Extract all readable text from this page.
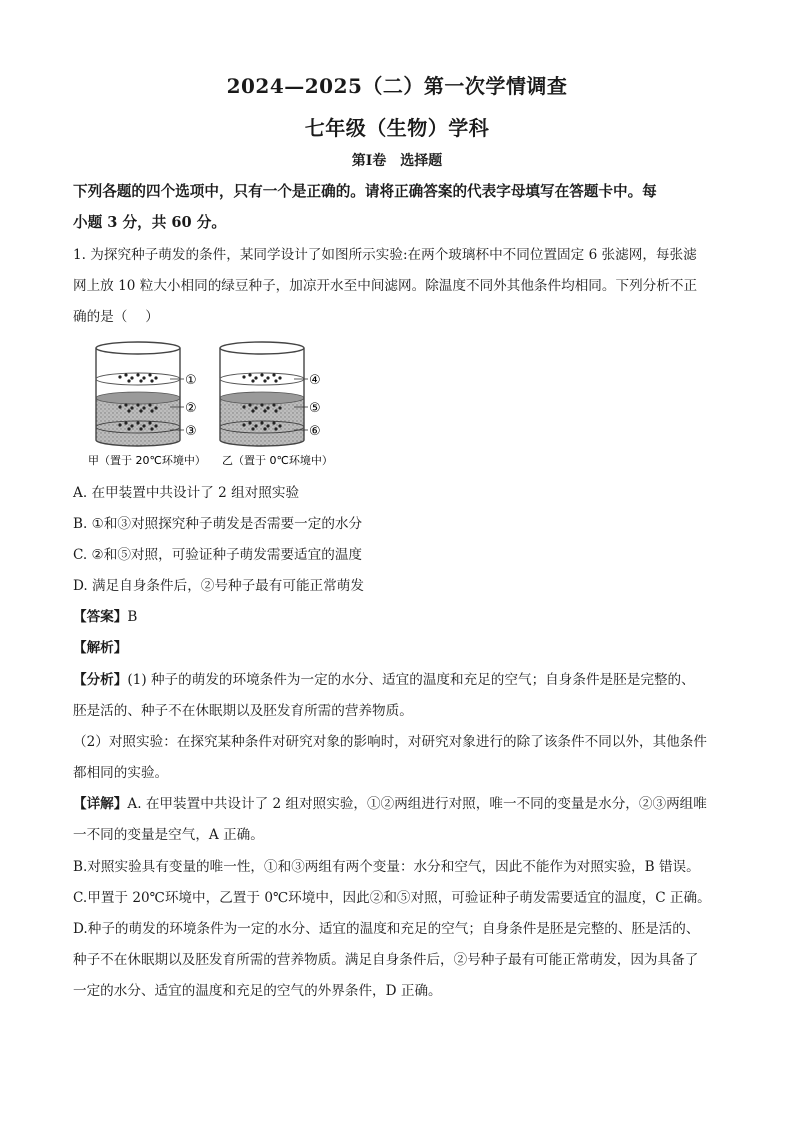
2024—2025（二）第一次学情调查
七年级（生物）学科
第Ⅰ卷　选择题
下列各题的四个选项中，只有一个是正确的。请将正确答案的代表字母填写在答题卡中。每
小题 3 分，共 60 分。
1. 为探究种子萌发的条件，某同学设计了如图所示实验:在两个玻璃杯中不同位置固定 6 张滤网，每张滤
网上放 10 粒大小相同的绿豆种子，加凉开水至中间滤网。除温度不同外其他条件均相同。下列分析不正
确的是（　 ）
①
②
③
④
⑤
⑥
甲（置于 20℃环境中） 乙（置于 0℃环境中）
A. 在甲装置中共设计了 2 组对照实验
B. ①和③对照探究种子萌发是否需要一定的水分
C. ②和⑤对照，可验证种子萌发需要适宜的温度
D. 满足自身条件后，②号种子最有可能正常萌发
【答案】B
【解析】
【分析】(1) 种子的萌发的环境条件为一定的水分、适宜的温度和充足的空气；自身条件是胚是完整的、
胚是活的、种子不在休眠期以及胚发育所需的营养物质。
（2）对照实验：在探究某种条件对研究对象的影响时，对研究对象进行的除了该条件不同以外，其他条件
都相同的实验。
【详解】A. 在甲装置中共设计了 2 组对照实验，①②两组进行对照，唯一不同的变量是水分，②③两组唯
一不同的变量是空气，A 正确。
B.对照实验具有变量的唯一性，①和③两组有两个变量：水分和空气，因此不能作为对照实验，B 错误。
C.甲置于 20℃环境中，乙置于 0℃环境中，因此②和⑤对照，可验证种子萌发需要适宜的温度，C 正确。
D.种子的萌发的环境条件为一定的水分、适宜的温度和充足的空气；自身条件是胚是完整的、胚是活的、
种子不在休眠期以及胚发育所需的营养物质。满足自身条件后，②号种子最有可能正常萌发，因为具备了
一定的水分、适宜的温度和充足的空气的外界条件，D 正确。
